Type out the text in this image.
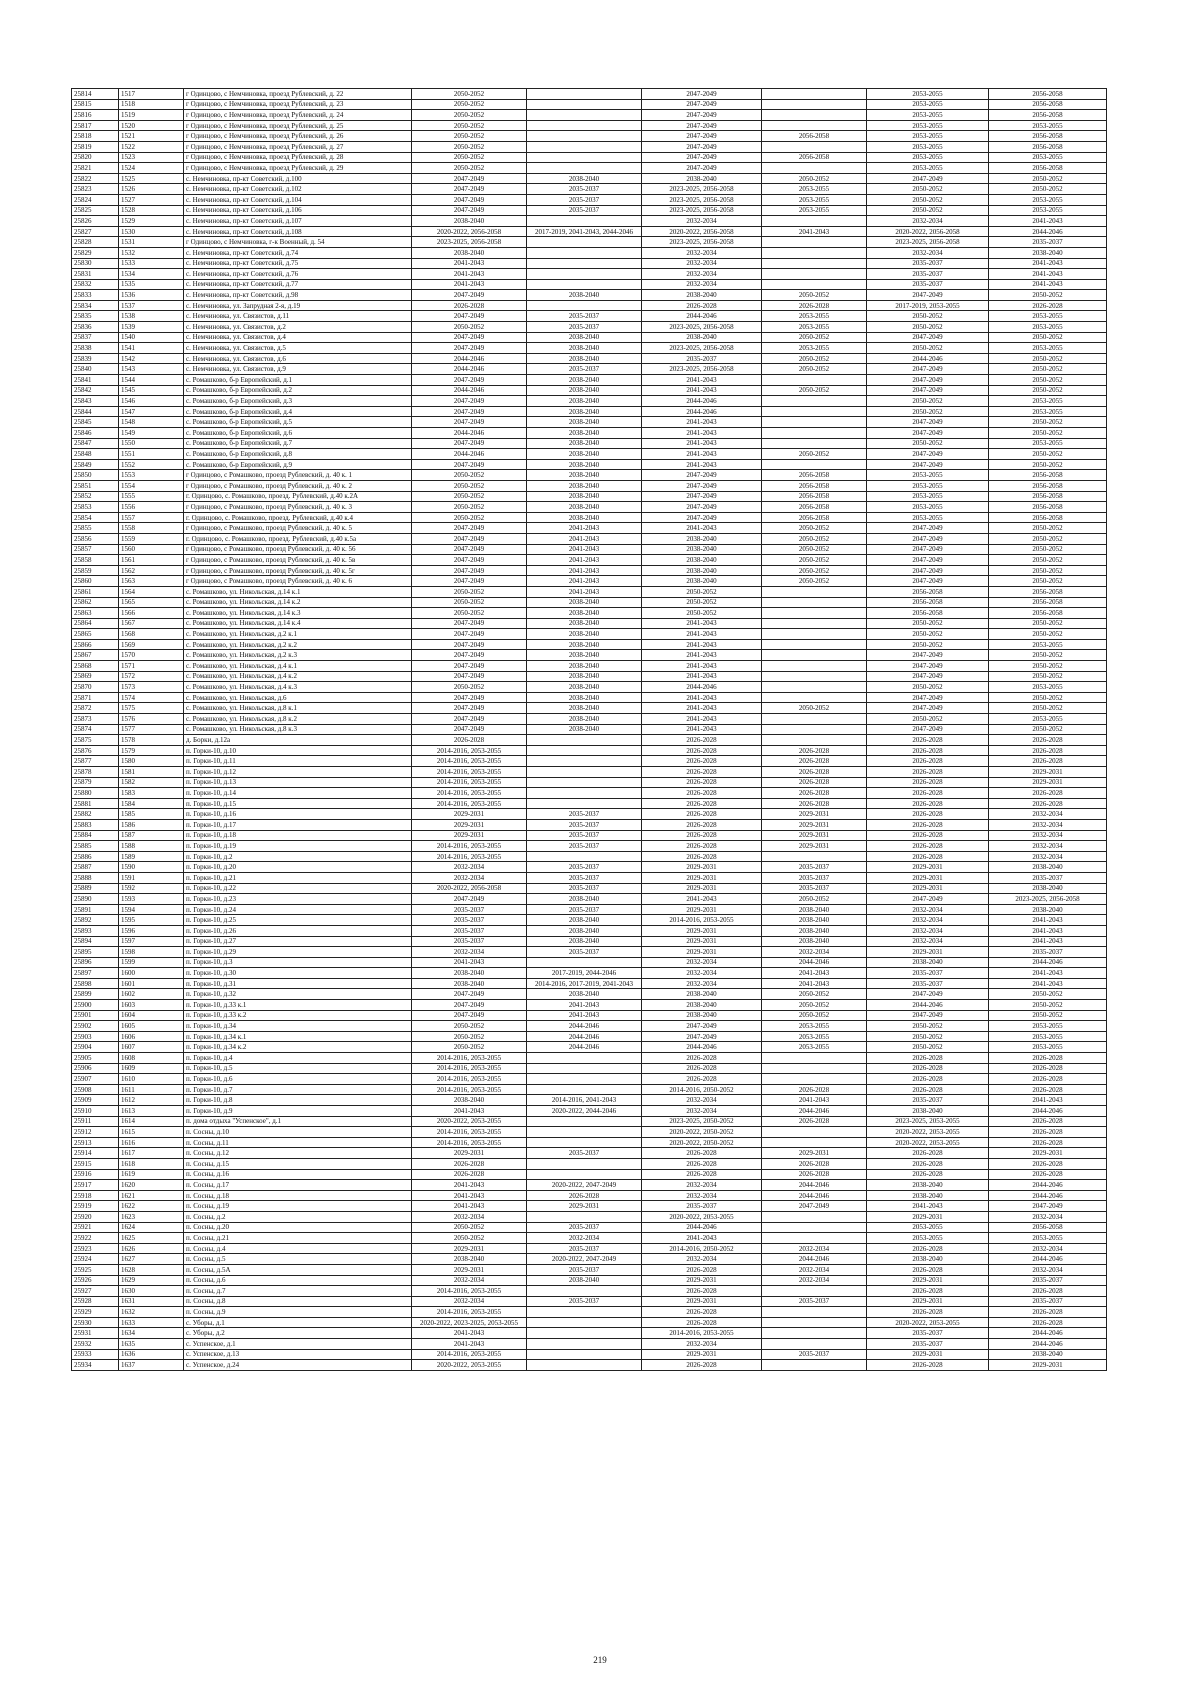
25814	1517	г Одинцово, с Немчиновка, проезд Рублевский, д. 22	2050-2052		2047-2049		2053-2055	2056-2058
25815	1518	г Одинцово, с Немчиновка, проезд Рублевский, д. 23	2050-2052		2047-2049		2053-2055	2056-2058
25816	1519	г Одинцово, с Немчиновка, проезд Рублевский, д. 24	2050-2052		2047-2049		2053-2055	2056-2058
25817	1520	г Одинцово, с Немчиновка, проезд Рублевский, д. 25	2050-2052		2047-2049		2053-2055	2053-2055
25818	1521	г Одинцово, с Немчиновка, проезд Рублевский, д. 26	2050-2052		2047-2049	2056-2058	2053-2055	2056-2058
25819	1522	г Одинцово, с Немчиновка, проезд Рублевский, д. 27	2050-2052		2047-2049		2053-2055	2056-2058
25820	1523	г Одинцово, с Немчиновка, проезд Рублевский, д. 28	2050-2052		2047-2049	2056-2058	2053-2055	2053-2055
25821	1524	г Одинцово, с Немчиновка, проезд Рублевский, д. 29	2050-2052		2047-2049		2053-2055	2056-2058
25822	1525	с. Немчиновка, пр-кт Советский, д.100	2047-2049	2038-2040	2038-2040	2050-2052	2047-2049	2050-2052
25823	1526	с. Немчиновка, пр-кт Советский, д.102	2047-2049	2035-2037	2023-2025, 2056-2058	2053-2055	2050-2052	2050-2052
25824	1527	с. Немчиновка, пр-кт Советский, д.104	2047-2049	2035-2037	2023-2025, 2056-2058	2053-2055	2050-2052	2053-2055
25825	1528	с. Немчиновка, пр-кт Советский, д.106	2047-2049	2035-2037	2023-2025, 2056-2058	2053-2055	2050-2052	2053-2055
25826	1529	с. Немчиновка, пр-кт Советский, д.107	2038-2040		2032-2034		2032-2034	2041-2043
25827	1530	с. Немчиновка, пр-кт Советский, д.108	2020-2022, 2056-2058	2017-2019, 2041-2043, 2044-2046	2020-2022, 2056-2058	2041-2043	2020-2022, 2056-2058	2044-2046
25828	1531	г Одинцово, с Немчиновка, г-к Военный, д. 54	2023-2025, 2056-2058		2023-2025, 2056-2058		2023-2025, 2056-2058	2035-2037
25829	1532	с. Немчиновка, пр-кт Советский, д.74	2038-2040		2032-2034		2032-2034	2038-2040
25830	1533	с. Немчиновка, пр-кт Советский, д.75	2041-2043		2032-2034		2035-2037	2041-2043
25831	1534	с. Немчиновка, пр-кт Советский, д.76	2041-2043		2032-2034		2035-2037	2041-2043
25832	1535	с. Немчиновка, пр-кт Советский, д.77	2041-2043		2032-2034		2035-2037	2041-2043
25833	1536	с. Немчиновка, пр-кт Советский, д.98	2047-2049	2038-2040	2038-2040	2050-2052	2047-2049	2050-2052
25834	1537	с. Немчиновка, ул. Запрудная 2-я, д.19	2026-2028		2026-2028	2026-2028	2017-2019, 2053-2055	2026-2028
25835	1538	с. Немчиновка, ул. Связистов, д.11	2047-2049	2035-2037	2044-2046	2053-2055	2050-2052	2053-2055
25836	1539	с. Немчиновка, ул. Связистов, д.2	2050-2052	2035-2037	2023-2025, 2056-2058	2053-2055	2050-2052	2053-2055
25837	1540	с. Немчиновка, ул. Связистов, д.4	2047-2049	2038-2040	2038-2040	2050-2052	2047-2049	2050-2052
25838	1541	с. Немчиновка, ул. Связистов, д.5	2047-2049	2038-2040	2023-2025, 2056-2058	2053-2055	2050-2052	2053-2055
25839	1542	с. Немчиновка, ул. Связистов, д.6	2044-2046	2038-2040	2035-2037	2050-2052	2044-2046	2050-2052
25840	1543	с. Немчиновка, ул. Связистов, д.9	2044-2046	2035-2037	2023-2025, 2056-2058	2050-2052	2047-2049	2050-2052
25841	1544	с. Ромашково, б-р Европейский, д.1	2047-2049	2038-2040	2041-2043		2047-2049	2050-2052
25842	1545	с. Ромашково, б-р Европейский, д.2	2044-2046	2038-2040	2041-2043	2050-2052	2047-2049	2050-2052
25843	1546	с. Ромашково, б-р Европейский, д.3	2047-2049	2038-2040	2044-2046		2050-2052	2053-2055
25844	1547	с. Ромашково, б-р Европейский, д.4	2047-2049	2038-2040	2044-2046		2050-2052	2053-2055
25845	1548	с. Ромашково, б-р Европейский, д.5	2047-2049	2038-2040	2041-2043		2047-2049	2050-2052
25846	1549	с. Ромашково, б-р Европейский, д.6	2044-2046	2038-2040	2041-2043		2047-2049	2050-2052
25847	1550	с. Ромашково, б-р Европейский, д.7	2047-2049	2038-2040	2041-2043		2050-2052	2053-2055
25848	1551	с. Ромашково, б-р Европейский, д.8	2044-2046	2038-2040	2041-2043	2050-2052	2047-2049	2050-2052
25849	1552	с. Ромашково, б-р Европейский, д.9	2047-2049	2038-2040	2041-2043		2047-2049	2050-2052
25850	1553	г Одинцово, с Ромашково, проезд Рублевский, д. 40 к. 1	2050-2052	2038-2040	2047-2049	2056-2058	2053-2055	2056-2058
25851	1554	г Одинцово, с Ромашково, проезд Рублевский, д. 40 к. 2	2050-2052	2038-2040	2047-2049	2056-2058	2053-2055	2056-2058
25852	1555	г. Одинцово, с. Ромашково, проезд. Рублевский, д.40 к.2А	2050-2052	2038-2040	2047-2049	2056-2058	2053-2055	2056-2058
25853	1556	г Одинцово, с Ромашково, проезд Рублевский, д. 40 к. 3	2050-2052	2038-2040	2047-2049	2056-2058	2053-2055	2056-2058
25854	1557	г. Одинцово, с. Ромашково, проезд. Рублевский, д.40 к.4	2050-2052	2038-2040	2047-2049	2056-2058	2053-2055	2056-2058
25855	1558	г Одинцово, с Ромашково, проезд Рублевский, д. 40 к. 5	2047-2049	2041-2043	2041-2043	2050-2052	2047-2049	2050-2052
25856	1559	г. Одинцово, с. Ромашково, проезд. Рублевский, д.40 к.5а	2047-2049	2041-2043	2038-2040	2050-2052	2047-2049	2050-2052
25857	1560	г Одинцово, с Ромашково, проезд Рублевский, д. 40 к. 56	2047-2049	2041-2043	2038-2040	2050-2052	2047-2049	2050-2052
25858	1561	г Одинцово, с Ромашково, проезд Рублевский, д. 40 к. 5в	2047-2049	2041-2043	2038-2040	2050-2052	2047-2049	2050-2052
25859	1562	г Одинцово, с Ромашково, проезд Рублевский, д. 40 к. 5г	2047-2049	2041-2043	2038-2040	2050-2052	2047-2049	2050-2052
25860	1563	г Одинцово, с Ромашково, проезд Рублевский, д. 40 к. 6	2047-2049	2041-2043	2038-2040	2050-2052	2047-2049	2050-2052
25861	1564	с. Ромашково, ул. Никольская, д.14 к.1	2050-2052	2041-2043	2050-2052		2056-2058	2056-2058
25862	1565	с. Ромашково, ул. Никольская, д.14 к.2	2050-2052	2038-2040	2050-2052		2056-2058	2056-2058
25863	1566	с. Ромашково, ул. Никольская, д.14 к.3	2050-2052	2038-2040	2050-2052		2056-2058	2056-2058
25864	1567	с. Ромашково, ул. Никольская, д.14 к.4	2047-2049	2038-2040	2041-2043		2050-2052	2050-2052
25865	1568	с. Ромашково, ул. Никольская, д.2 к.1	2047-2049	2038-2040	2041-2043		2050-2052	2050-2052
25866	1569	с. Ромашково, ул. Никольская, д.2 к.2	2047-2049	2038-2040	2041-2043		2050-2052	2053-2055
25867	1570	с. Ромашково, ул. Никольская, д.2 к.3	2047-2049	2038-2040	2041-2043		2047-2049	2050-2052
25868	1571	с. Ромашково, ул. Никольская, д.4 к.1	2047-2049	2038-2040	2041-2043		2047-2049	2050-2052
25869	1572	с. Ромашково, ул. Никольская, д.4 к.2	2047-2049	2038-2040	2041-2043		2047-2049	2050-2052
25870	1573	с. Ромашково, ул. Никольская, д.4 к.3	2050-2052	2038-2040	2044-2046		2050-2052	2053-2055
25871	1574	с. Ромашково, ул. Никольская, д.6	2047-2049	2038-2040	2041-2043		2047-2049	2050-2052
25872	1575	с. Ромашково, ул. Никольская, д.8 к.1	2047-2049	2038-2040	2041-2043	2050-2052	2047-2049	2050-2052
25873	1576	с. Ромашково, ул. Никольская, д.8 к.2	2047-2049	2038-2040	2041-2043		2050-2052	2053-2055
25874	1577	с. Ромашково, ул. Никольская, д.8 к.3	2047-2049	2038-2040	2041-2043		2047-2049	2050-2052
25875	1578	д. Борки, д.12а	2026-2028		2026-2028		2026-2028	2026-2028
25876	1579	п. Горки-10, д.10	2014-2016, 2053-2055		2026-2028	2026-2028	2026-2028	2026-2028
25877	1580	п. Горки-10, д.11	2014-2016, 2053-2055		2026-2028	2026-2028	2026-2028	2026-2028
25878	1581	п. Горки-10, д.12	2014-2016, 2053-2055		2026-2028	2026-2028	2026-2028	2029-2031
25879	1582	п. Горки-10, д.13	2014-2016, 2053-2055		2026-2028	2026-2028	2026-2028	2029-2031
25880	1583	п. Горки-10, д.14	2014-2016, 2053-2055		2026-2028	2026-2028	2026-2028	2026-2028
25881	1584	п. Горки-10, д.15	2014-2016, 2053-2055		2026-2028	2026-2028	2026-2028	2026-2028
25882	1585	п. Горки-10, д.16	2029-2031	2035-2037	2026-2028	2029-2031	2026-2028	2032-2034
25883	1586	п. Горки-10, д.17	2029-2031	2035-2037	2026-2028	2029-2031	2026-2028	2032-2034
25884	1587	п. Горки-10, д.18	2029-2031	2035-2037	2026-2028	2029-2031	2026-2028	2032-2034
25885	1588	п. Горки-10, д.19	2014-2016, 2053-2055	2035-2037	2026-2028	2029-2031	2026-2028	2032-2034
25886	1589	п. Горки-10, д.2	2014-2016, 2053-2055		2026-2028		2026-2028	2032-2034
25887	1590	п. Горки-10, д.20	2032-2034	2035-2037	2029-2031	2035-2037	2029-2031	2038-2040
25888	1591	п. Горки-10, д.21	2032-2034	2035-2037	2029-2031	2035-2037	2029-2031	2035-2037
25889	1592	п. Горки-10, д.22	2020-2022, 2056-2058	2035-2037	2029-2031	2035-2037	2029-2031	2038-2040
25890	1593	п. Горки-10, д.23	2047-2049	2038-2040	2041-2043	2050-2052	2047-2049	2023-2025, 2056-2058
25891	1594	п. Горки-10, д.24	2035-2037	2035-2037	2029-2031	2038-2040	2032-2034	2038-2040
25892	1595	п. Горки-10, д.25	2035-2037	2038-2040	2014-2016, 2053-2055	2038-2040	2032-2034	2041-2043
25893	1596	п. Горки-10, д.26	2035-2037	2038-2040	2029-2031	2038-2040	2032-2034	2041-2043
25894	1597	п. Горки-10, д.27	2035-2037	2038-2040	2029-2031	2038-2040	2032-2034	2041-2043
25895	1598	п. Горки-10, д.29	2032-2034	2035-2037	2029-2031	2032-2034	2029-2031	2035-2037
25896	1599	п. Горки-10, д.3	2041-2043		2032-2034	2044-2046	2038-2040	2044-2046
25897	1600	п. Горки-10, д.30	2038-2040	2017-2019, 2044-2046	2032-2034	2041-2043	2035-2037	2041-2043
25898	1601	п. Горки-10, д.31	2038-2040	2014-2016, 2017-2019, 2041-2043	2032-2034	2041-2043	2035-2037	2041-2043
25899	1602	п. Горки-10, д.32	2047-2049	2038-2040	2038-2040	2050-2052	2047-2049	2050-2052
25900	1603	п. Горки-10, д.33 к.1	2047-2049	2041-2043	2038-2040	2050-2052	2044-2046	2050-2052
25901	1604	п. Горки-10, д.33 к.2	2047-2049	2041-2043	2038-2040	2050-2052	2047-2049	2050-2052
25902	1605	п. Горки-10, д.34	2050-2052	2044-2046	2047-2049	2053-2055	2050-2052	2053-2055
25903	1606	п. Горки-10, д.34 к.1	2050-2052	2044-2046	2047-2049	2053-2055	2050-2052	2053-2055
25904	1607	п. Горки-10, д.34 к.2	2050-2052	2044-2046	2044-2046	2053-2055	2050-2052	2053-2055
25905	1608	п. Горки-10, д.4	2014-2016, 2053-2055		2026-2028		2026-2028	2026-2028
25906	1609	п. Горки-10, д.5	2014-2016, 2053-2055		2026-2028		2026-2028	2026-2028
25907	1610	п. Горки-10, д.6	2014-2016, 2053-2055		2026-2028		2026-2028	2026-2028
25908	1611	п. Горки-10, д.7	2014-2016, 2053-2055		2014-2016, 2050-2052	2026-2028	2026-2028	2026-2028
25909	1612	п. Горки-10, д.8	2038-2040	2014-2016, 2041-2043	2032-2034	2041-2043	2035-2037	2041-2043
25910	1613	п. Горки-10, д.9	2041-2043	2020-2022, 2044-2046	2032-2034	2044-2046	2038-2040	2044-2046
25911	1614	п. дома отдыха "Успенское", д.1	2020-2022, 2053-2055		2023-2025, 2050-2052	2026-2028	2023-2025, 2053-2055	2026-2028
25912	1615	п. Сосны, д.10	2014-2016, 2053-2055		2020-2022, 2050-2052		2020-2022, 2053-2055	2026-2028
25913	1616	п. Сосны, д.11	2014-2016, 2053-2055		2020-2022, 2050-2052		2020-2022, 2053-2055	2026-2028
25914	1617	п. Сосны, д.12	2029-2031	2035-2037	2026-2028	2029-2031	2026-2028	2029-2031
25915	1618	п. Сосны, д.15	2026-2028		2026-2028	2026-2028	2026-2028	2026-2028
25916	1619	п. Сосны, д.16	2026-2028		2026-2028	2026-2028	2026-2028	2026-2028
25917	1620	п. Сосны, д.17	2041-2043	2020-2022, 2047-2049	2032-2034	2044-2046	2038-2040	2044-2046
25918	1621	п. Сосны, д.18	2041-2043	2026-2028	2032-2034	2044-2046	2038-2040	2044-2046
25919	1622	п. Сосны, д.19	2041-2043	2029-2031	2035-2037	2047-2049	2041-2043	2047-2049
25920	1623	п. Сосны, д.2	2032-2034		2020-2022, 2053-2055		2029-2031	2032-2034
25921	1624	п. Сосны, д.20	2050-2052	2035-2037	2044-2046		2053-2055	2056-2058
25922	1625	п. Сосны, д.21	2050-2052	2032-2034	2041-2043		2053-2055	2053-2055
25923	1626	п. Сосны, д.4	2029-2031	2035-2037	2014-2016, 2050-2052	2032-2034	2026-2028	2032-2034
25924	1627	п. Сосны, д.5	2038-2040	2020-2022, 2047-2049	2032-2034	2044-2046	2038-2040	2044-2046
25925	1628	п. Сосны, д.5А	2029-2031	2035-2037	2026-2028	2032-2034	2026-2028	2032-2034
25926	1629	п. Сосны, д.6	2032-2034	2038-2040	2029-2031	2032-2034	2029-2031	2035-2037
25927	1630	п. Сосны, д.7	2014-2016, 2053-2055		2026-2028		2026-2028	2026-2028
25928	1631	п. Сосны, д.8	2032-2034	2035-2037	2029-2031	2035-2037	2029-2031	2035-2037
25929	1632	п. Сосны, д.9	2014-2016, 2053-2055		2026-2028		2026-2028	2026-2028
25930	1633	с. Уборы, д.1	2020-2022, 2023-2025, 2053-2055		2026-2028		2020-2022, 2053-2055	2026-2028
25931	1634	с. Уборы, д.2	2041-2043		2014-2016, 2053-2055		2035-2037	2044-2046
25932	1635	с. Успенское, д.1	2041-2043		2032-2034		2035-2037	2044-2046
25933	1636	с. Успенское, д.13	2014-2016, 2053-2055		2029-2031	2035-2037	2029-2031	2038-2040
25934	1637	с. Успенское, д.24	2020-2022, 2053-2055		2026-2028		2026-2028	2029-2031
219
